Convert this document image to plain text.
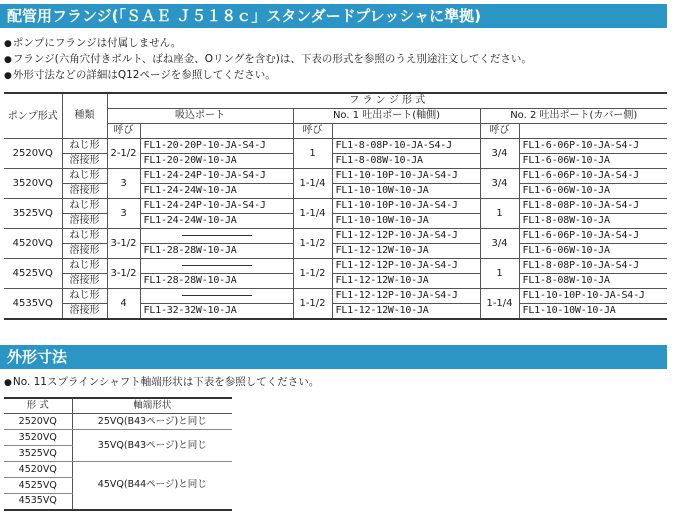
配管用フランジ(「ＳＡＥ Ｊ５１８ｃ」スタンダードプレッシャに準拠)
●ポンプにフランジは付属しません。
●フランジ(六角穴付きボルト、ばね座金、Oリングを含む)は、下表の形式を参照のうえ別途注文してください。
●外形寸法などの詳細はQ12ページを参照してください。
ポンプ形式	種類	フ ラ ン ジ 形 式					
		吸込ポート		No. 1 吐出ポート(軸側)		No. 2 吐出ポート(カバー側)	
		呼び		呼び		呼び	
2520VQ	ねじ形	2-1/2	FL1-20-20P-10-JA-S4-J	1	FL1-8-08P-10-JA-S4-J	3/4	FL1-6-06P-10-JA-S4-J
	溶接形		FL1-20-20W-10-JA		FL1-8-08W-10-JA		FL1-6-06W-10-JA
3520VQ	ねじ形	3	FL1-24-24P-10-JA-S4-J	1-1/4	FL1-10-10P-10-JA-S4-J	3/4	FL1-6-06P-10-JA-S4-J
	溶接形		FL1-24-24W-10-JA		FL1-10-10W-10-JA		FL1-6-06W-10-JA
3525VQ	ねじ形	3	FL1-24-24P-10-JA-S4-J	1-1/4	FL1-10-10P-10-JA-S4-J	1	FL1-8-08P-10-JA-S4-J
	溶接形		FL1-24-24W-10-JA		FL1-10-10W-10-JA		FL1-8-08W-10-JA
4520VQ	ねじ形	3-1/2		1-1/2	FL1-12-12P-10-JA-S4-J	3/4	FL1-6-06P-10-JA-S4-J
	溶接形		FL1-28-28W-10-JA		FL1-12-12W-10-JA		FL1-6-06W-10-JA
4525VQ	ねじ形	3-1/2		1-1/2	FL1-12-12P-10-JA-S4-J	1	FL1-8-08P-10-JA-S4-J
	溶接形		FL1-28-28W-10-JA		FL1-12-12W-10-JA		FL1-8-08W-10-JA
4535VQ	ねじ形	4		1-1/2	FL1-12-12P-10-JA-S4-J	1-1/4	FL1-10-10P-10-JA-S4-J
	溶接形		FL1-32-32W-10-JA		FL1-12-12W-10-JA		FL1-10-10W-10-JA
外形寸法
●No. 11スプラインシャフト軸端形状は下表を参照してください。
形 式	軸端形状
2520VQ	25VQ(B43ページ)と同じ
3520VQ	35VQ(B43ページ)と同じ
3525VQ	
4520VQ	45VQ(B44ページ)と同じ
4525VQ	
4535VQ	
